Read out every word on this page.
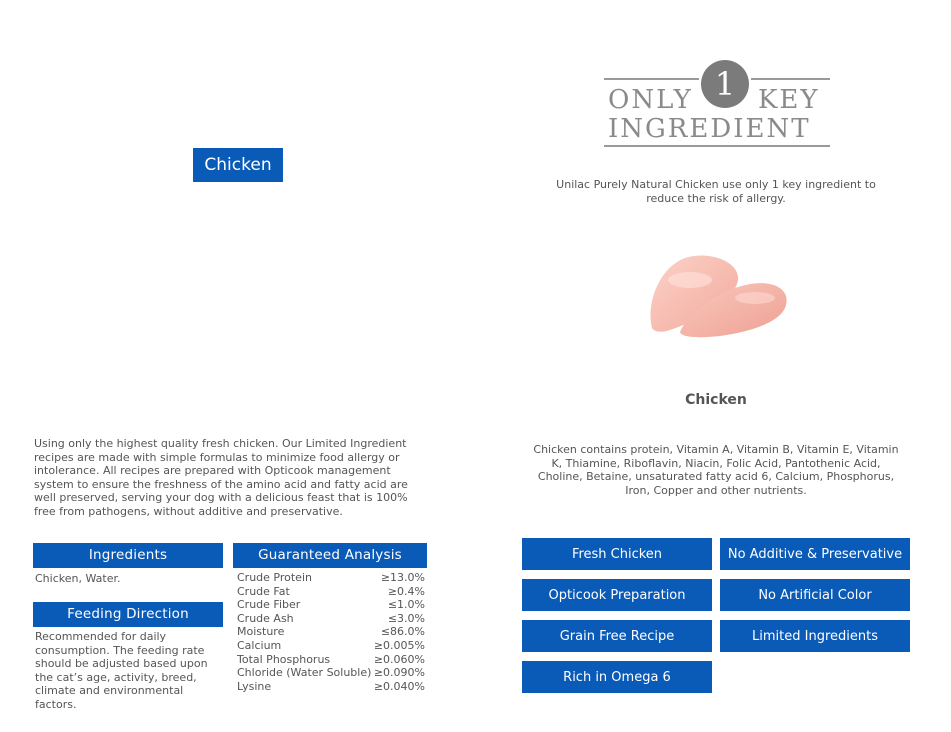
Chicken
Using only the highest quality fresh chicken. Our Limited Ingredient recipes are made with simple formulas to minimize food allergy or intolerance. All recipes are prepared with Opticook management system to ensure the freshness of the amino acid and fatty acid are well preserved, serving your dog with a delicious feast that is 100% free from pathogens, without additive and preservative.
Ingredients
Chicken, Water.
Feeding Direction
Recommended for daily consumption. The feeding rate should be adjusted based upon the cat’s age, activity, breed, climate and environmental factors.
Guaranteed Analysis
Crude Protein	≥13.0%
Crude Fat	≥0.4%
Crude Fiber	≤1.0%
Crude Ash	≤3.0%
Moisture	≤86.0%
Calcium	≥0.005%
Total Phosphorus	≥0.060%
Chloride (Water Soluble) ≥0.090%
Lysine	≥0.040%
1
ONLY	KEY
INGREDIENT
Unilac Purely Natural Chicken use only 1 key ingredient to reduce the risk of allergy.
Chicken
Chicken contains protein, Vitamin A, Vitamin B, Vitamin E, Vitamin K, Thiamine, Riboflavin, Niacin, Folic Acid, Pantothenic Acid, Choline, Betaine, unsaturated fatty acid 6, Calcium, Phosphorus, Iron, Copper and other nutrients.
Fresh Chicken	No Additive & Preservative
Opticook Preparation	No Artificial Color
Grain Free Recipe	Limited Ingredients
Rich in Omega 6
